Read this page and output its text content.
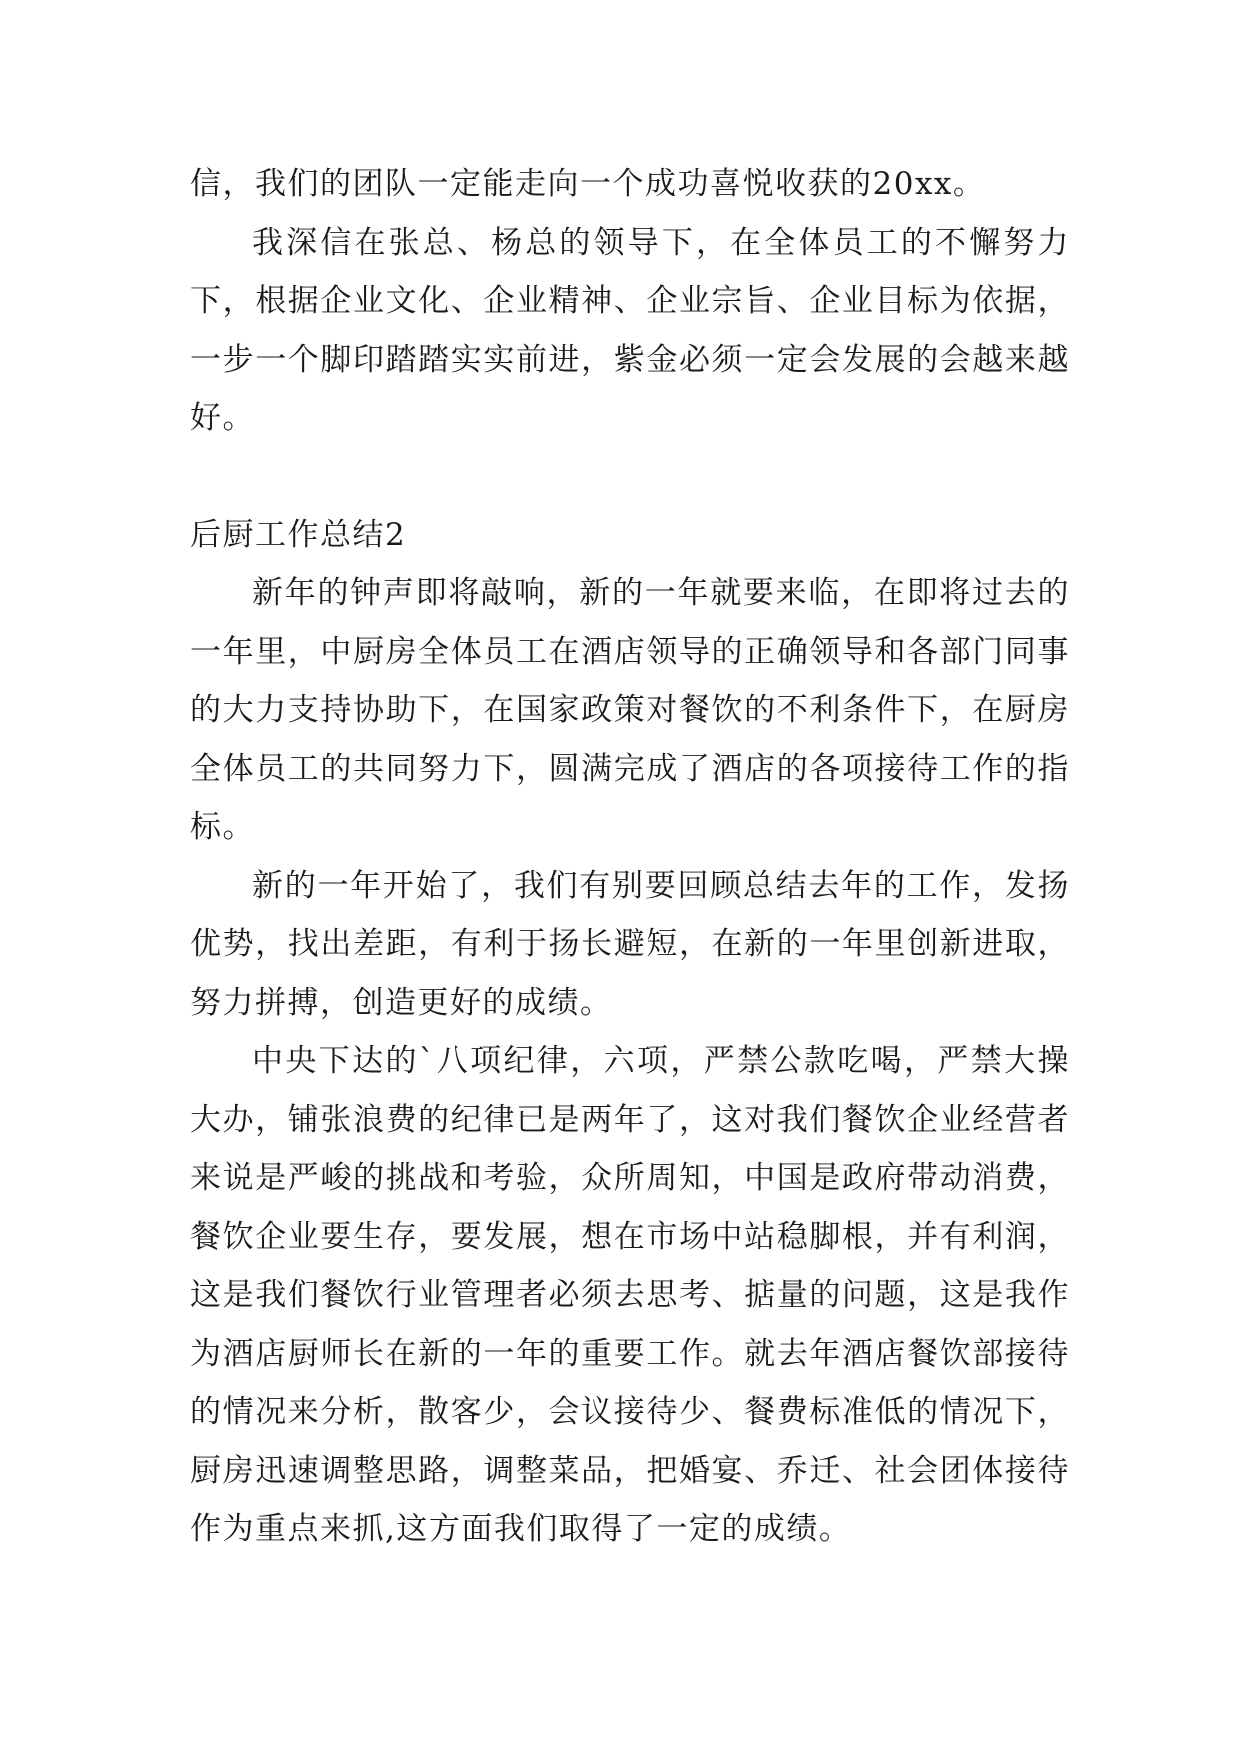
信，我们的团队一定能走向一个成功喜悦收获的20xx。

我深信在张总、杨总的领导下，在全体员工的不懈努力下，根据企业文化、企业精神、企业宗旨、企业目标为依据，一步一个脚印踏踏实实前进，紫金必须一定会发展的会越来越好。

后厨工作总结2

新年的钟声即将敲响，新的一年就要来临，在即将过去的一年里，中厨房全体员工在酒店领导的正确领导和各部门同事的大力支持协助下，在国家政策对餐饮的不利条件下，在厨房全体员工的共同努力下，圆满完成了酒店的各项接待工作的指标。

新的一年开始了，我们有别要回顾总结去年的工作，发扬优势，找出差距，有利于扬长避短，在新的一年里创新进取，努力拼搏，创造更好的成绩。

中央下达的`八项纪律，六项，严禁公款吃喝，严禁大操大办，铺张浪费的纪律已是两年了，这对我们餐饮企业经营者来说是严峻的挑战和考验，众所周知，中国是政府带动消费，餐饮企业要生存，要发展，想在市场中站稳脚根，并有利润，这是我们餐饮行业管理者必须去思考、掂量的问题，这是我作为酒店厨师长在新的一年的重要工作。就去年酒店餐饮部接待的情况来分析，散客少，会议接待少、餐费标准低的情况下，厨房迅速调整思路，调整菜品，把婚宴、乔迁、社会团体接待作为重点来抓,这方面我们取得了一定的成绩。
